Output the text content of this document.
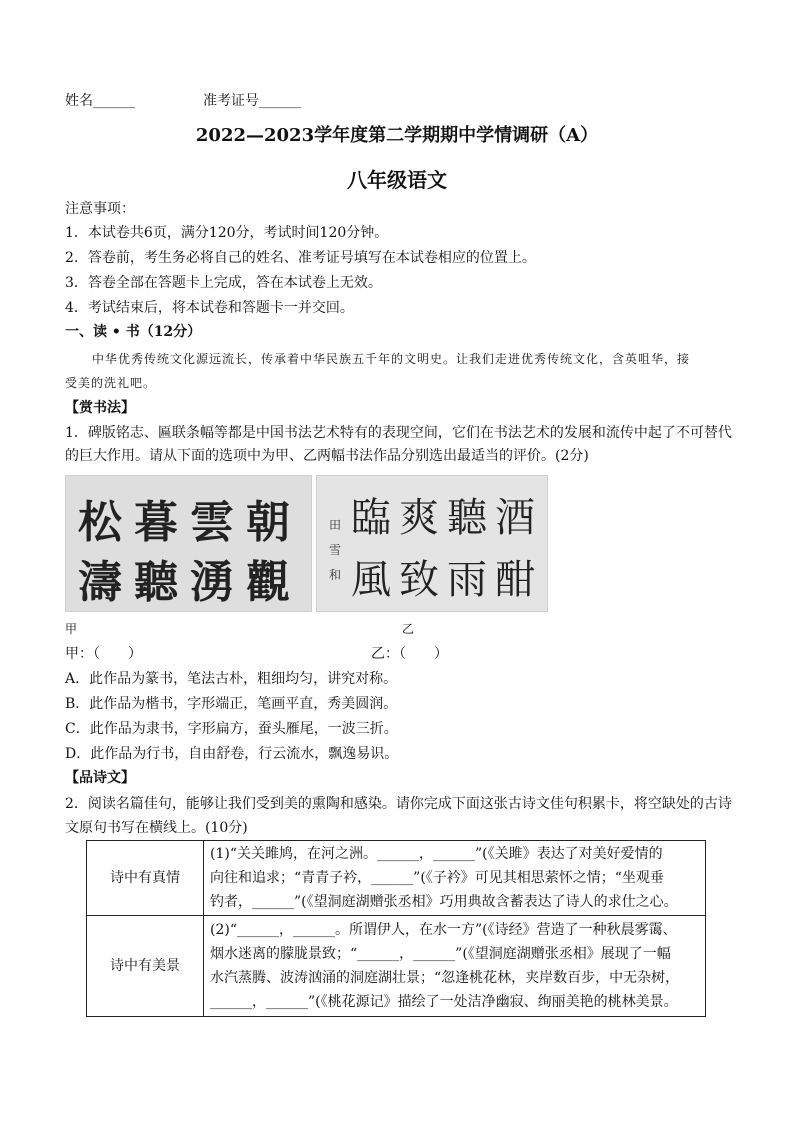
姓名______	准考证号______
2022—2023学年度第二学期期中学情调研（A）
八年级语文
注意事项：
1．本试卷共6页，满分120分，考试时间120分钟。
2．答卷前，考生务必将自己的姓名、准考证号填写在本试卷相应的位置上。
3．答卷全部在答题卡上完成，答在本试卷上无效。
4．考试结束后，将本试卷和答题卡一并交回。
一、读 • 书（12分）
中华优秀传统文化源远流长，传承着中华民族五千年的文明史。让我们走进优秀传统文化，含英咀华，接
受美的洗礼吧。
【赏书法】
1．碑版铭志、匾联条幅等都是中国书法艺术特有的表现空间，它们在书法艺术的发展和流传中起了不可替代
的巨大作用。请从下面的选项中为甲、乙两幅书法作品分别选出最适当的评价。(2分)
松 暮 雲 朝
濤 聽 湧 觀
田
雪
和
臨 爽 聽 酒
風 致 雨 酣
甲	乙
甲：（　　）	乙：（　　）
A．此作品为篆书，笔法古朴，粗细均匀，讲究对称。
B．此作品为楷书，字形端正，笔画平直，秀美圆润。
C．此作品为隶书，字形扁方，蚕头雁尾，一波三折。
D．此作品为行书，自由舒卷，行云流水，飘逸易识。
【品诗文】
2．阅读名篇佳句，能够让我们受到美的熏陶和感染。请你完成下面这张古诗文佳句积累卡，将空缺处的古诗
文原句书写在横线上。(10分)
诗中有真情	(1)“关关雎鸠，在河之洲。______，______”(《关雎》表达了对美好爱情的
向往和追求；“青青子衿，______”(《子衿》可见其相思萦怀之情；“坐观垂
钓者，______”(《望洞庭湖赠张丞相》巧用典故含蓄表达了诗人的求仕之心。

诗中有美景	(2)“______，______。所谓伊人，在水一方”(《诗经》营造了一种秋晨雾霭、
烟水迷离的朦胧景致；“______，______”(《望洞庭湖赠张丞相》展现了一幅
水汽蒸腾、波涛汹涌的洞庭湖壮景；“忽逢桃花林，夹岸数百步，中无杂树，
______，______”(《桃花源记》描绘了一处洁净幽寂、绚丽美艳的桃林美景。
